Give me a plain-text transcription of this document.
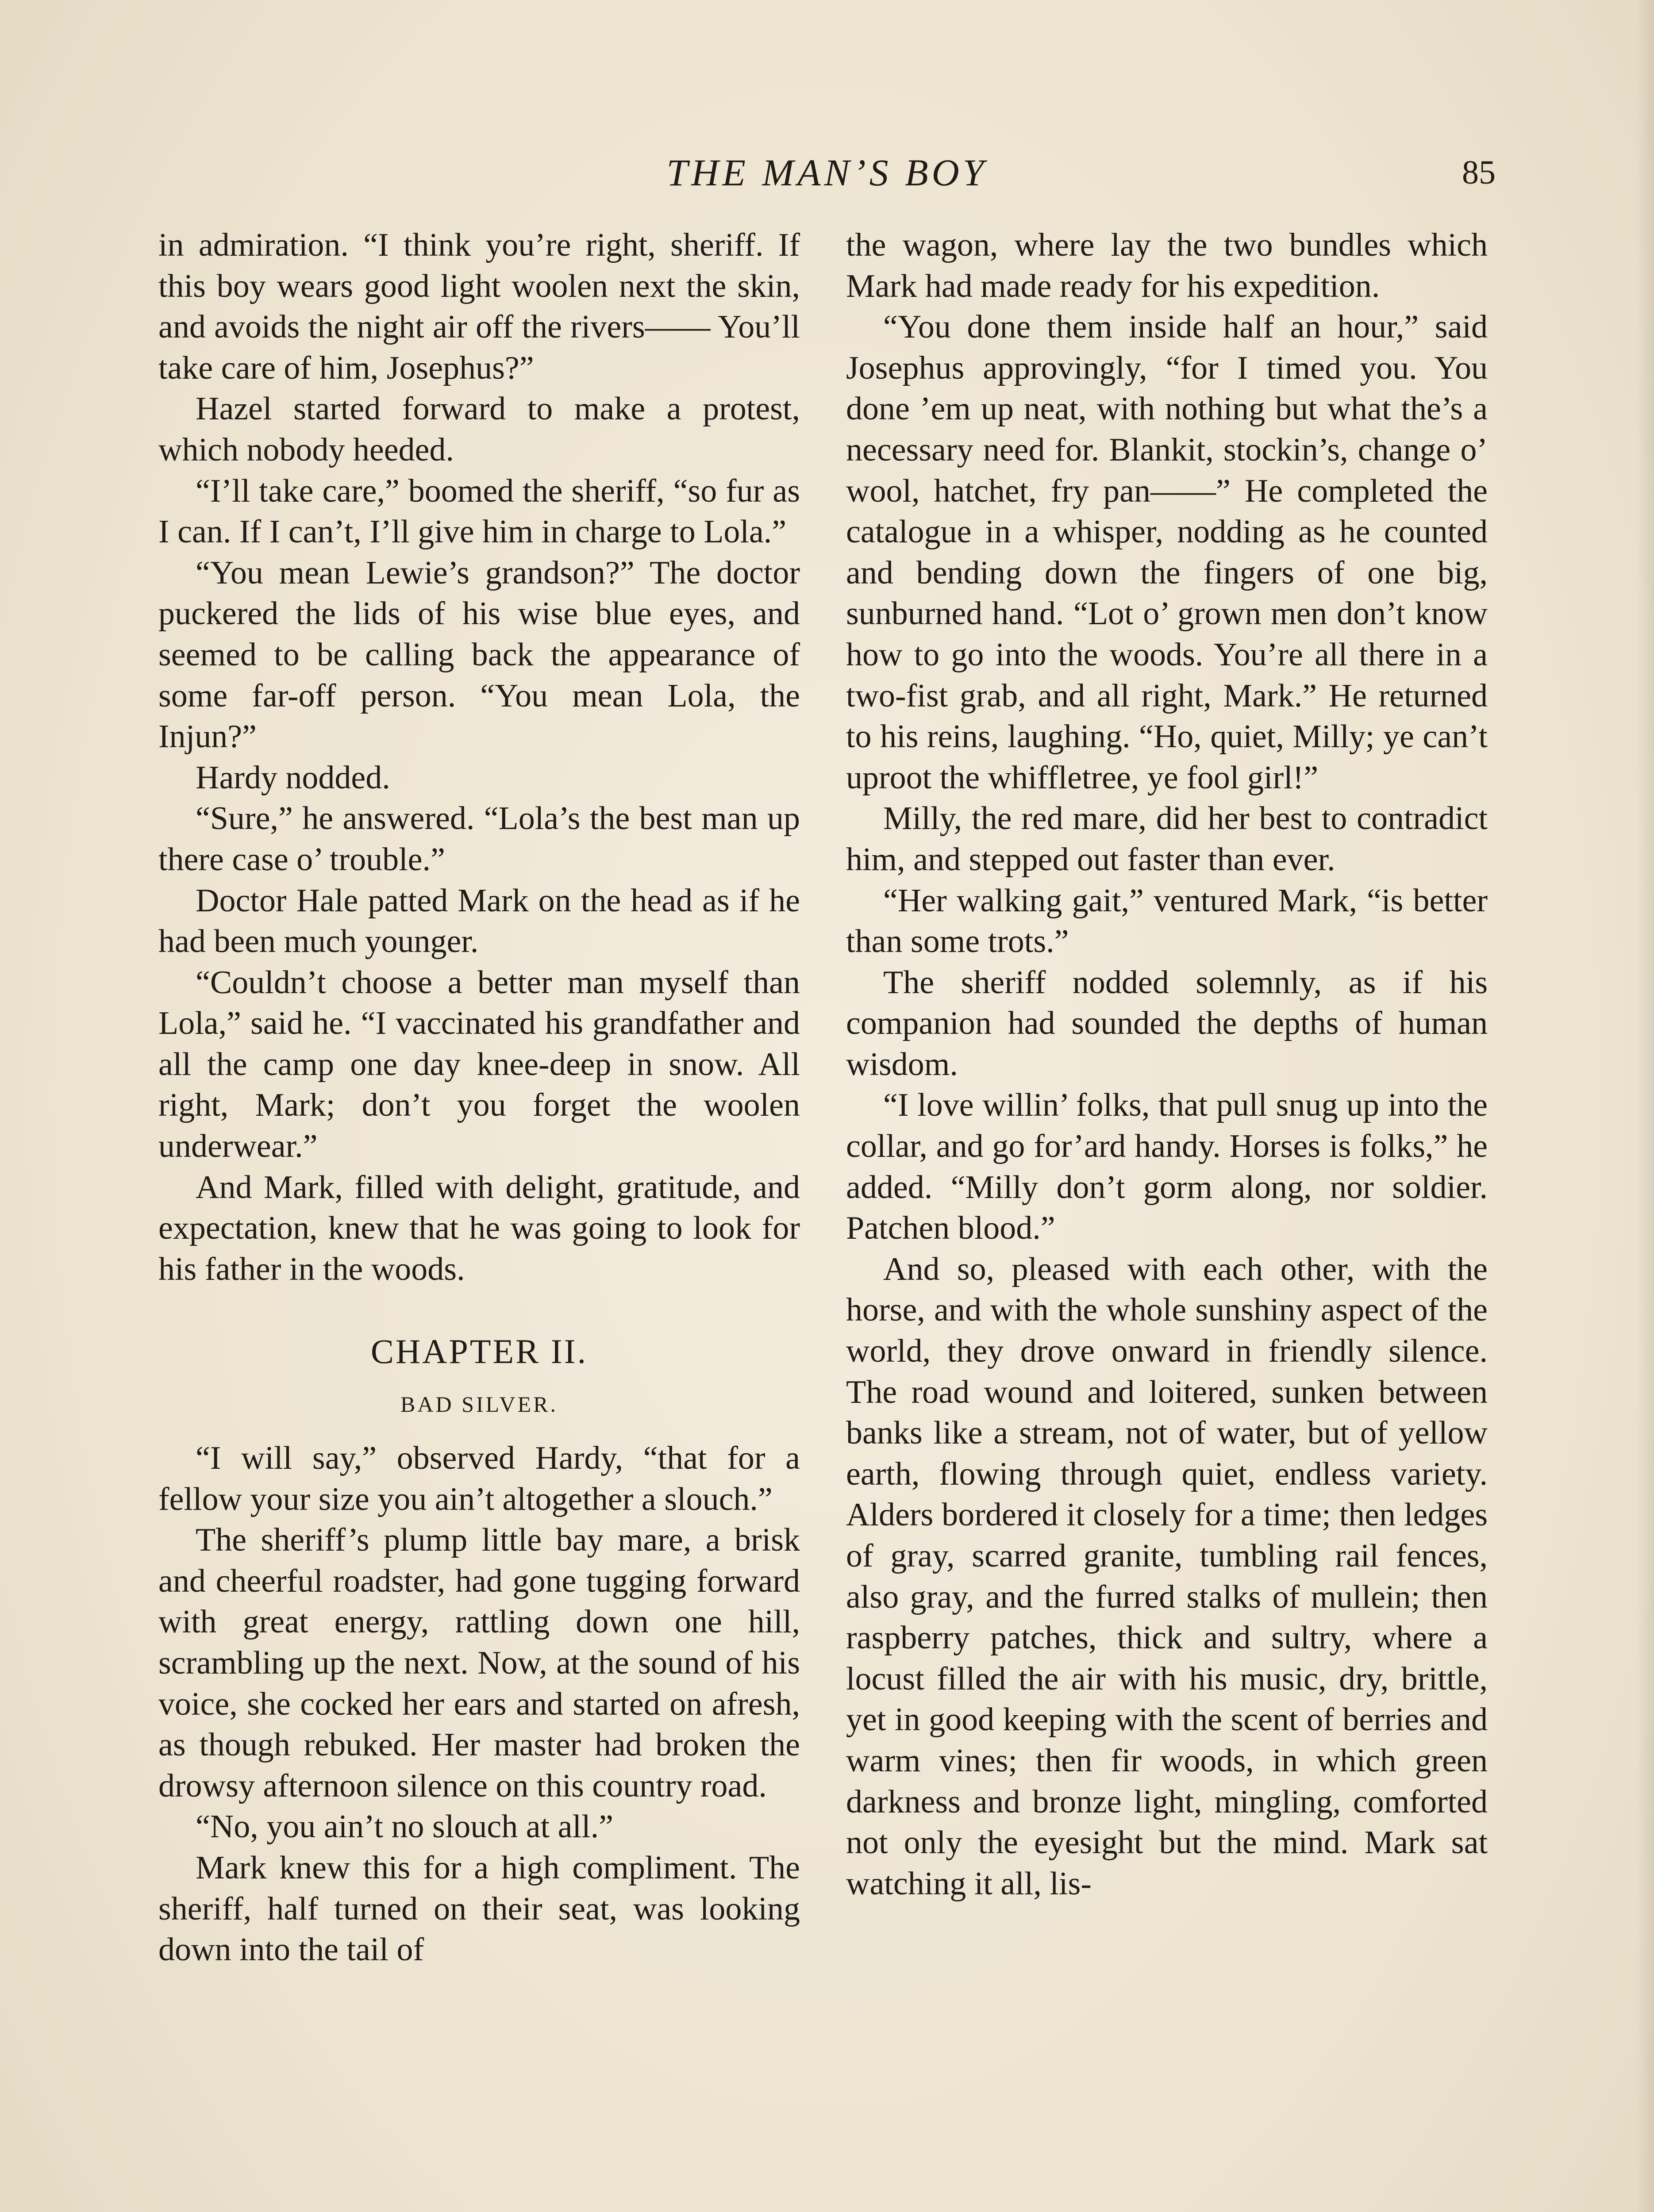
THE MAN’S BOY	85

in admiration. “I think you’re right, sheriff. If this boy wears good light woolen next the skin, and avoids the night air off the rivers—— You’ll take care of him, Josephus?”

Hazel started forward to make a protest, which nobody heeded.

“I’ll take care,” boomed the sheriff, “so fur as I can. If I can’t, I’ll give him in charge to Lola.”

“You mean Lewie’s grandson?” The doctor puckered the lids of his wise blue eyes, and seemed to be calling back the appearance of some far-off person. “You mean Lola, the Injun?”

Hardy nodded.

“Sure,” he answered. “Lola’s the best man up there case o’ trouble.”

Doctor Hale patted Mark on the head as if he had been much younger.

“Couldn’t choose a better man myself than Lola,” said he. “I vaccinated his grandfather and all the camp one day knee-deep in snow. All right, Mark; don’t you forget the woolen underwear.”

And Mark, filled with delight, gratitude, and expectation, knew that he was going to look for his father in the woods.

CHAPTER II.
BAD SILVER.

“I will say,” observed Hardy, “that for a fellow your size you ain’t altogether a slouch.”

The sheriff’s plump little bay mare, a brisk and cheerful roadster, had gone tugging forward with great energy, rattling down one hill, scrambling up the next. Now, at the sound of his voice, she cocked her ears and started on afresh, as though rebuked. Her master had broken the drowsy afternoon silence on this country road.

“No, you ain’t no slouch at all.”

Mark knew this for a high compliment. The sheriff, half turned on their seat, was looking down into the tail of

the wagon, where lay the two bundles which Mark had made ready for his expedition.

“You done them inside half an hour,” said Josephus approvingly, “for I timed you. You done ’em up neat, with nothing but what the’s a necessary need for. Blankit, stockin’s, change o’ wool, hatchet, fry pan——” He completed the catalogue in a whisper, nodding as he counted and bending down the fingers of one big, sunburned hand. “Lot o’ grown men don’t know how to go into the woods. You’re all there in a two-fist grab, and all right, Mark.” He returned to his reins, laughing. “Ho, quiet, Milly; ye can’t uproot the whiffletree, ye fool girl!”

Milly, the red mare, did her best to contradict him, and stepped out faster than ever.

“Her walking gait,” ventured Mark, “is better than some trots.”

The sheriff nodded solemnly, as if his companion had sounded the depths of human wisdom.

“I love willin’ folks, that pull snug up into the collar, and go for’ard handy. Horses is folks,” he added. “Milly don’t gorm along, nor soldier. Patchen blood.”

And so, pleased with each other, with the horse, and with the whole sunshiny aspect of the world, they drove onward in friendly silence. The road wound and loitered, sunken between banks like a stream, not of water, but of yellow earth, flowing through quiet, endless variety. Alders bordered it closely for a time; then ledges of gray, scarred granite, tumbling rail fences, also gray, and the furred stalks of mullein; then raspberry patches, thick and sultry, where a locust filled the air with his music, dry, brittle, yet in good keeping with the scent of berries and warm vines; then fir woods, in which green darkness and bronze light, mingling, comforted not only the eyesight but the mind. Mark sat watching it all, lis-
